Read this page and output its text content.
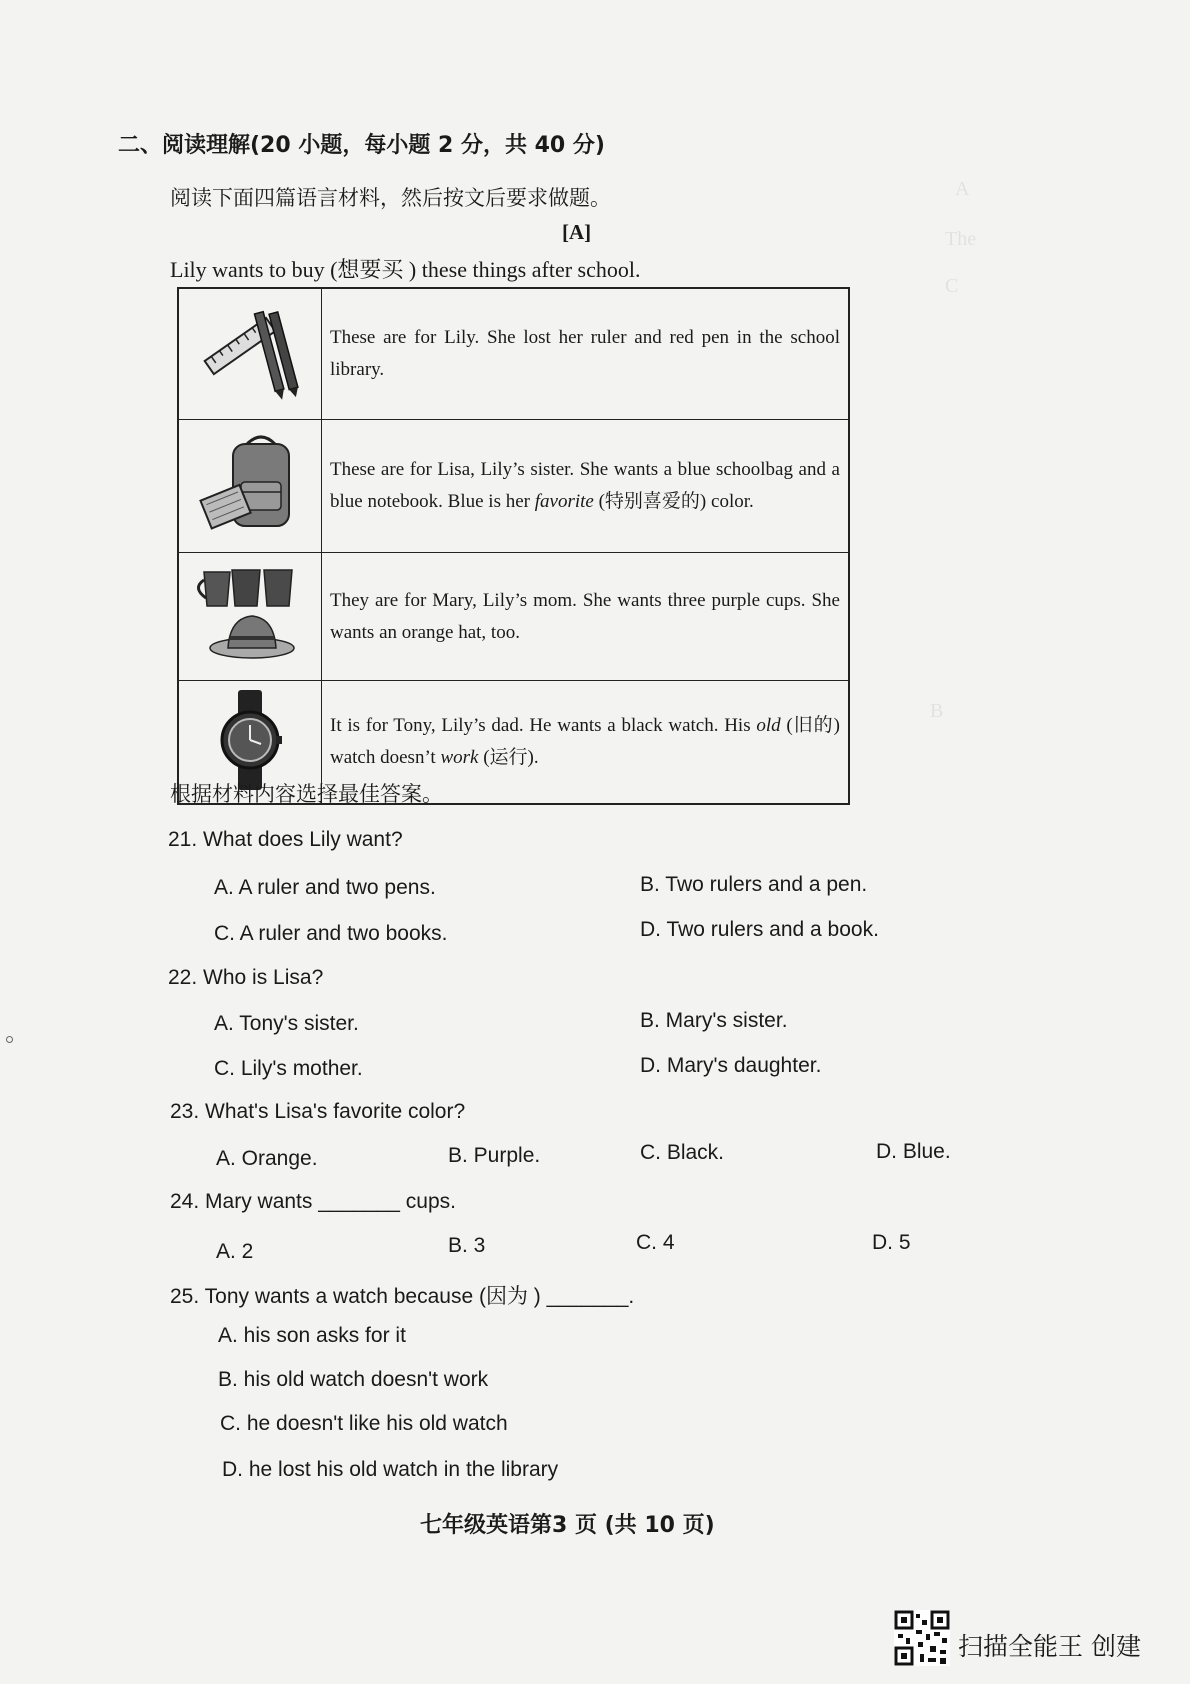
A
The
C
B
二、阅读理解(20 小题，每小题 2 分，共 40 分)
阅读下面四篇语言材料，然后按文后要求做题。
[A]
Lily wants to buy (想要买 ) these things after school.
	These are for Lily. She lost her ruler and red pen in the school library.
	These are for Lisa, Lily’s sister. She wants a blue schoolbag and a blue notebook. Blue is her favorite (特别喜爱的) color.
	They are for Mary, Lily’s mom. She wants three purple cups. She wants an orange hat, too.
	It is for Tony, Lily’s dad. He wants a black watch. His old (旧的) watch doesn’t work (运行).
根据材料内容选择最佳答案。
21. What does Lily want?
A. A ruler and two pens.	B. Two rulers and a pen.
C. A ruler and two books.	D. Two rulers and a book.
22. Who is Lisa?
A. Tony's sister.	B. Mary's sister.
C. Lily's mother.	D. Mary's daughter.
23. What's Lisa's favorite color?
A. Orange.	B. Purple.	C. Black.	D. Blue.
24. Mary wants _______ cups.
A. 2	B. 3	C. 4	D. 5
25. Tony wants a watch because (因为 ) _______.
A. his son asks for it
B. his old watch doesn't work
C. he doesn't like his old watch
D. he lost his old watch in the library
七年级英语第3 页 (共 10 页)
扫描全能王 创建
